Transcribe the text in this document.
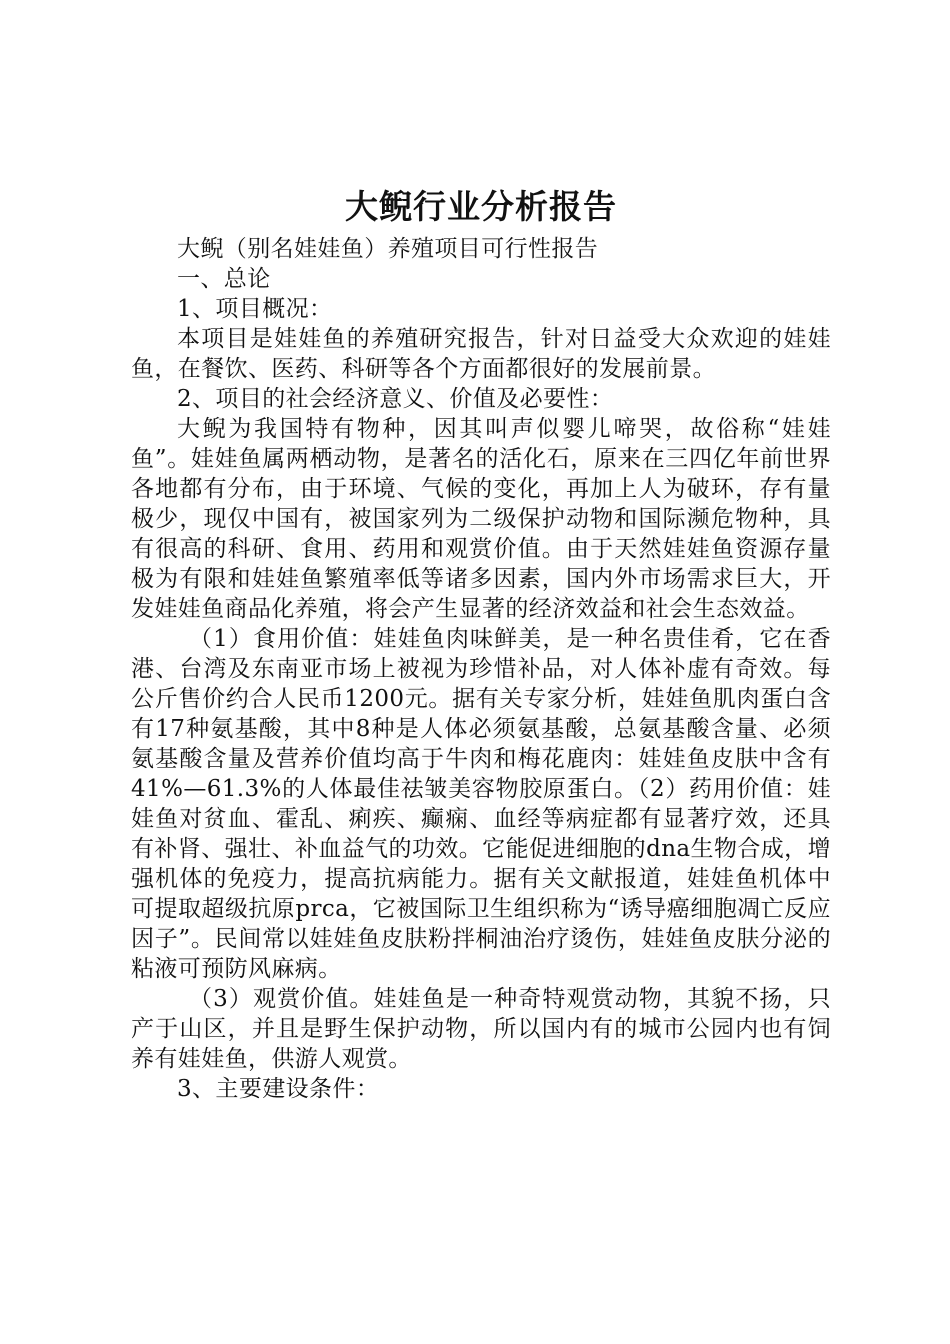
大鲵行业分析报告

大鲵（别名娃娃鱼）养殖项目可行性报告

一、总论

1、项目概况：

本项目是娃娃鱼的养殖研究报告，针对日益受大众欢迎的娃娃鱼，在餐饮、医药、科研等各个方面都很好的发展前景。

2、项目的社会经济意义、价值及必要性：

大鲵为我国特有物种，因其叫声似婴儿啼哭，故俗称“娃娃鱼”。娃娃鱼属两栖动物，是著名的活化石，原来在三四亿年前世界各地都有分布，由于环境、气候的变化，再加上人为破环，存有量极少，现仅中国有，被国家列为二级保护动物和国际濒危物种，具有很高的科研、食用、药用和观赏价值。由于天然娃娃鱼资源存量极为有限和娃娃鱼繁殖率低等诸多因素，国内外市场需求巨大，开发娃娃鱼商品化养殖，将会产生显著的经济效益和社会生态效益。

（1）食用价值：娃娃鱼肉味鲜美，是一种名贵佳肴，它在香港、台湾及东南亚市场上被视为珍惜补品，对人体补虚有奇效。每公斤售价约合人民币1200元。据有关专家分析，娃娃鱼肌肉蛋白含有17种氨基酸，其中8种是人体必须氨基酸，总氨基酸含量、必须氨基酸含量及营养价值均高于牛肉和梅花鹿肉：娃娃鱼皮肤中含有41%—61.3%的人体最佳祛皱美容物胶原蛋白。（2）药用价值：娃娃鱼对贫血、霍乱、痢疾、癫痫、血经等病症都有显著疗效，还具有补肾、强壮、补血益气的功效。它能促进细胞的dna生物合成，增强机体的免疫力，提高抗病能力。据有关文献报道，娃娃鱼机体中可提取超级抗原prca，它被国际卫生组织称为“诱导癌细胞凋亡反应因子”。民间常以娃娃鱼皮肤粉拌桐油治疗烫伤，娃娃鱼皮肤分泌的粘液可预防风麻病。

（3）观赏价值。娃娃鱼是一种奇特观赏动物，其貌不扬，只产于山区，并且是野生保护动物，所以国内有的城市公园内也有饲养有娃娃鱼，供游人观赏。

3、主要建设条件：
